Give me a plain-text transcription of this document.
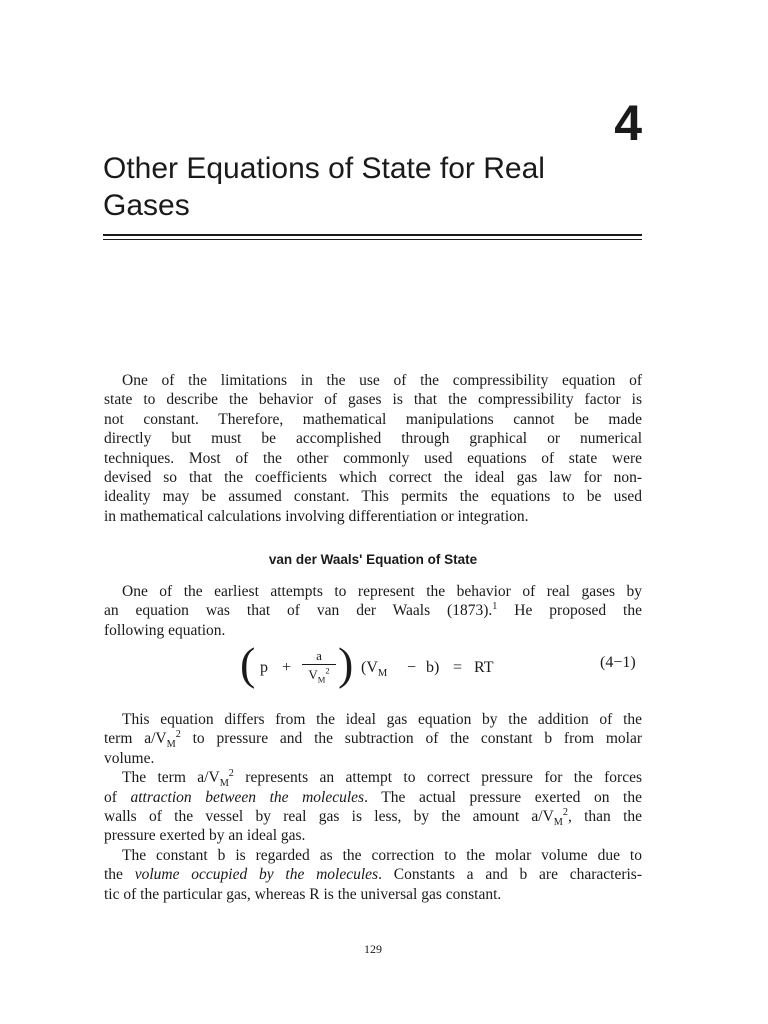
4
Other Equations of State for Real
Gases
One of the limitations in the use of the compressibility equation of
state to describe the behavior of gases is that the compressibility factor is
not constant. Therefore, mathematical manipulations cannot be made
directly but must be accomplished through graphical or numerical
techniques. Most of the other commonly used equations of state were
devised so that the coefficients which correct the ideal gas law for non-
ideality may be assumed constant. This permits the equations to be used
in mathematical calculations involving differentiation or integration.
van der Waals' Equation of State
One of the earliest attempts to represent the behavior of real gases by
an equation was that of van der Waals (1873).$^1$ He proposed the
following equation.
( p +
a
$V_M^2$ ) $(V_M - b)$ = RT	(4−1)
This equation differs from the ideal gas equation by the addition of the
term $a/V_M^2$ to pressure and the subtraction of the constant b from molar
volume.
The term $a/V_M^2$ represents an attempt to correct pressure for the forces
of attraction between the molecules. The actual pressure exerted on the
walls of the vessel by real gas is less, by the amount $a/V_M^2$, than the
pressure exerted by an ideal gas.
The constant b is regarded as the correction to the molar volume due to
the volume occupied by the molecules. Constants a and b are characteris-
tic of the particular gas, whereas R is the universal gas constant.
129
